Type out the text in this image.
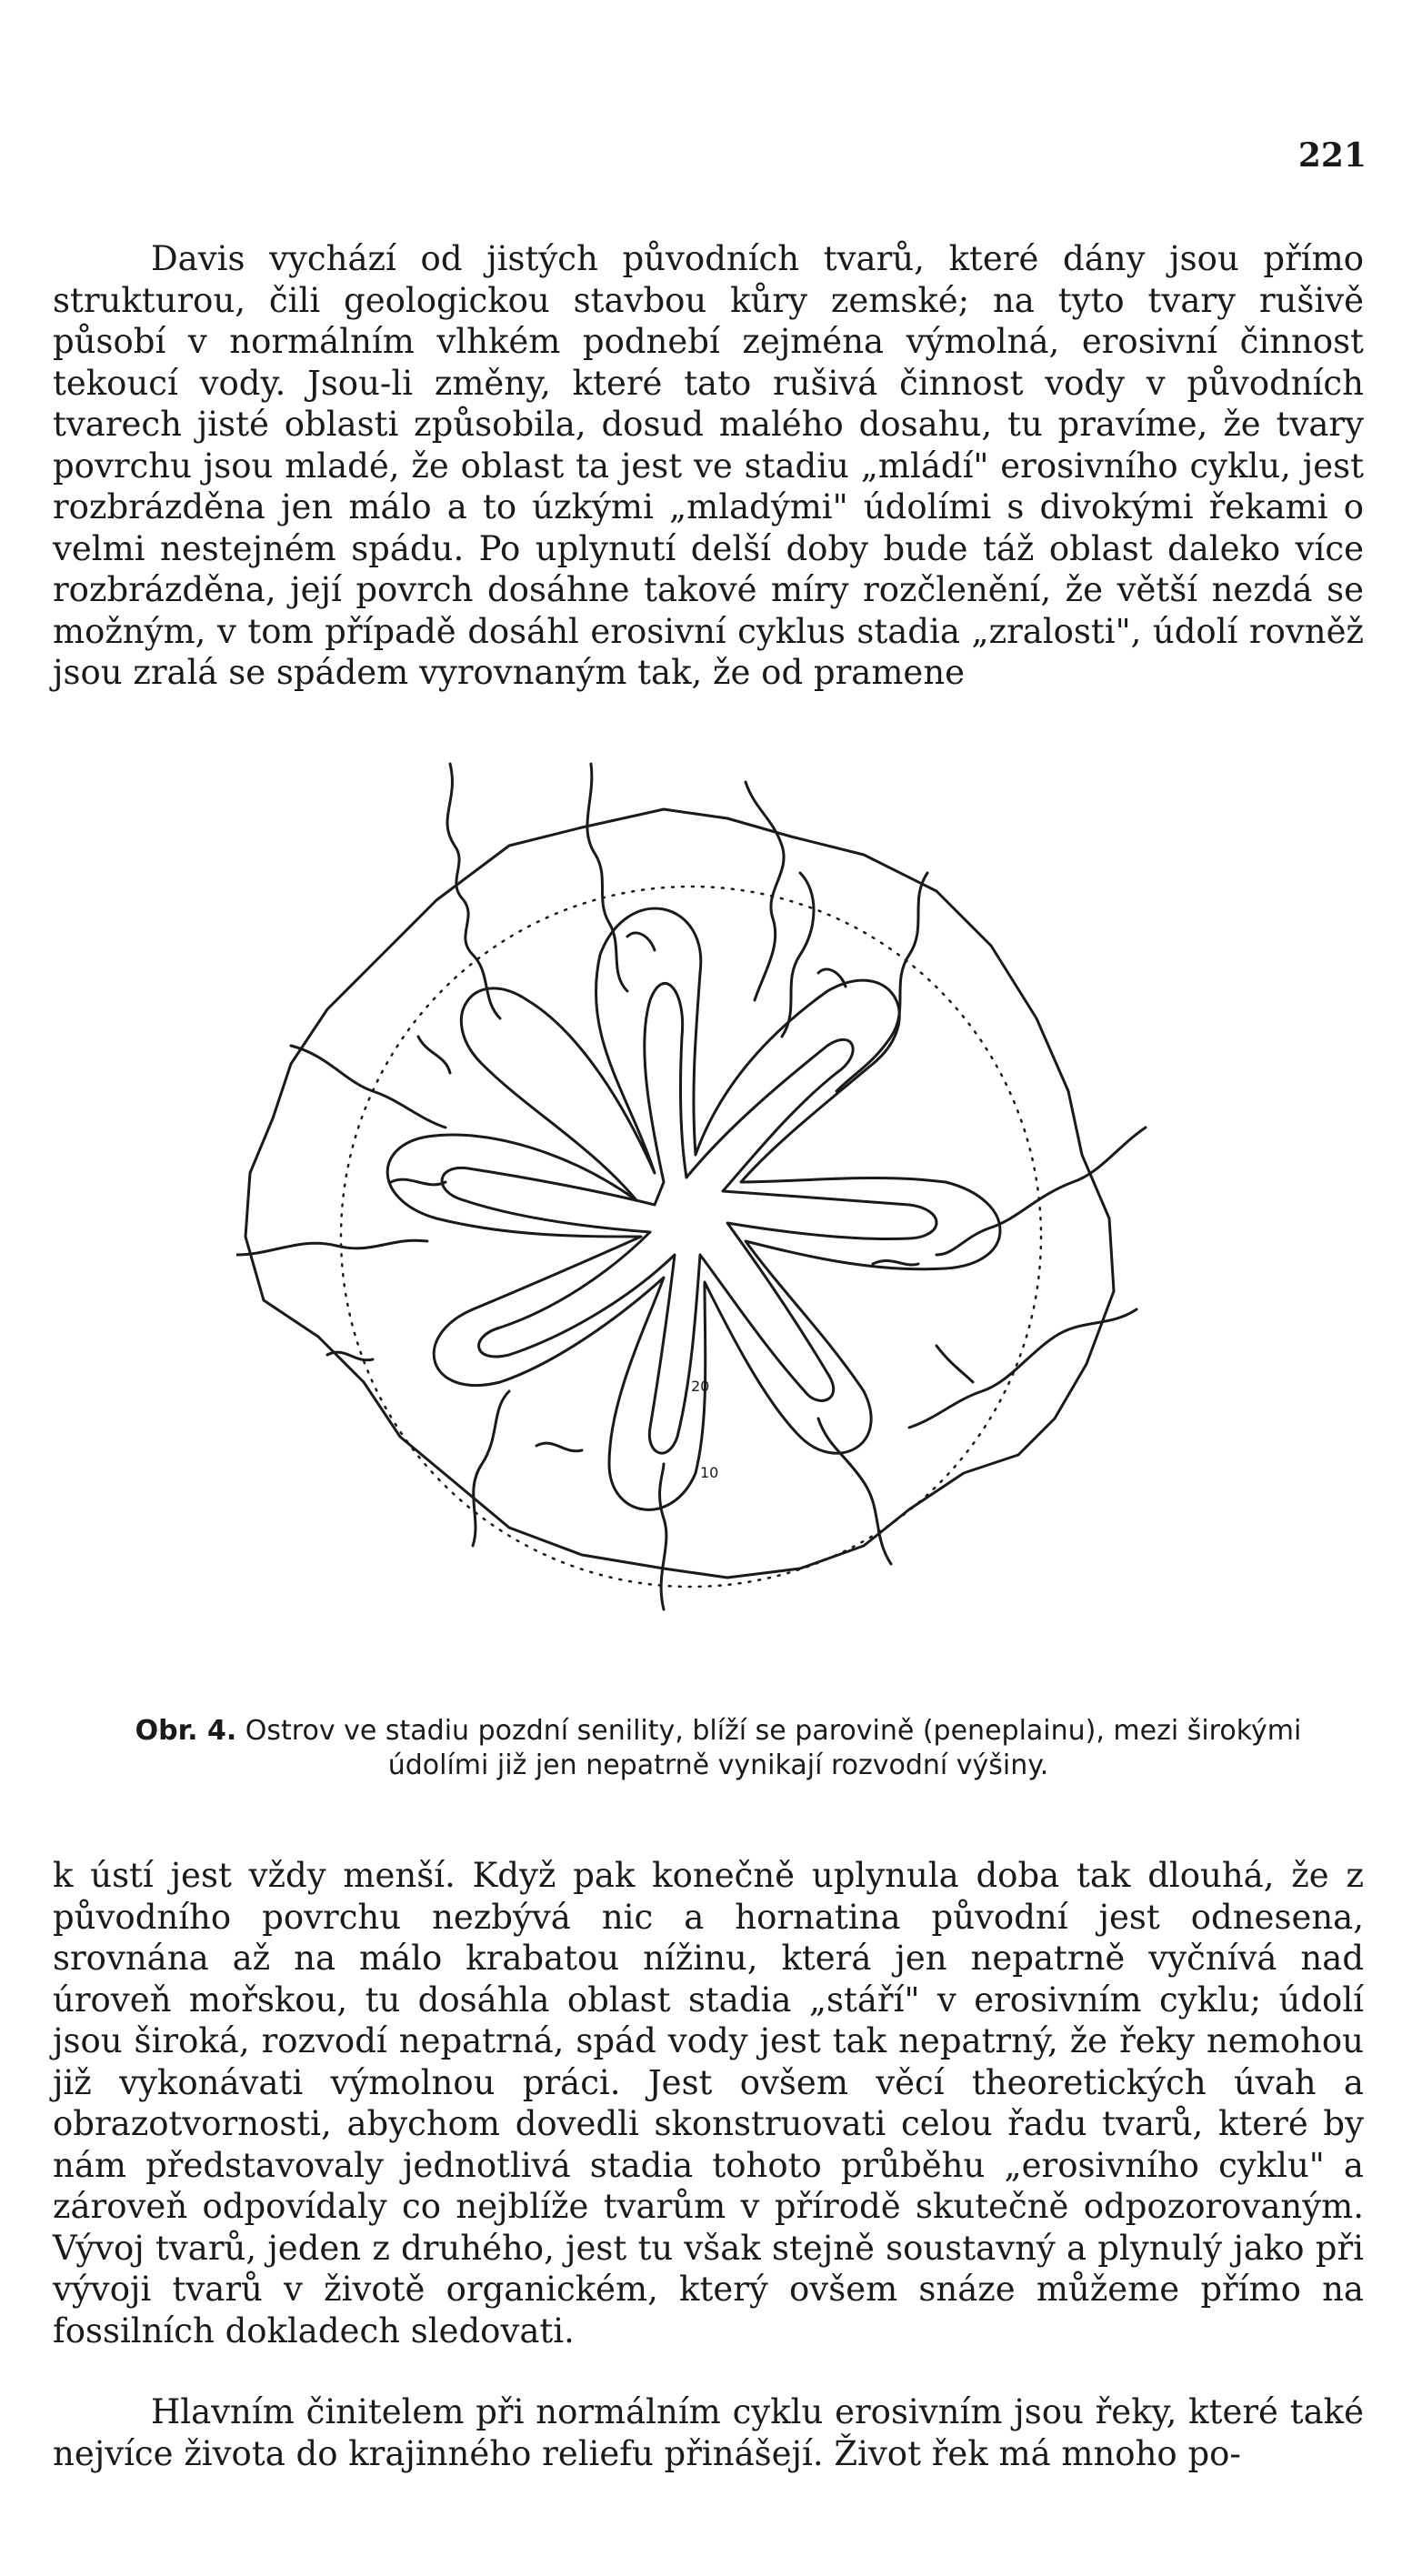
221

Davis vychází od jistých původních tvarů, které dány jsou přímo strukturou, čili geologickou stavbou kůry zemské; na tyto tvary rušivě působí v normálním vlhkém podnebí zejména výmolná, erosivní činnost tekoucí vody. Jsou-li změny, které tato rušivá činnost vody v původních tvarech jisté oblasti způsobila, dosud malého dosahu, tu pravíme, že tvary povrchu jsou mladé, že oblast ta jest ve stadiu „mládí" erosivního cyklu, jest rozbrázděna jen málo a to úzkými „mladými" údolími s divokými řekami o velmi nestejném spádu. Po uplynutí delší doby bude táž oblast daleko více rozbrázděna, její povrch dosáhne takové míry rozčlenění, že větší nezdá se možným, v tom případě dosáhl erosivní cyklus stadia „zralosti", údolí rovněž jsou zralá se spádem vyrovnaným tak, že od pramene

20
10
Obr. 4. Ostrov ve stadiu pozdní senility, blíží se parovině (peneplainu), mezi širokými údolími již jen nepatrně vynikají rozvodní výšiny.

k ústí jest vždy menší. Když pak konečně uplynula doba tak dlouhá, že z původního povrchu nezbývá nic a hornatina původní jest odnesena, srovnána až na málo krabatou nížinu, která jen nepatrně vyčnívá nad úroveň mořskou, tu dosáhla oblast stadia „stáří" v erosivním cyklu; údolí jsou široká, rozvodí nepatrná, spád vody jest tak nepatrný, že řeky nemohou již vykonávati výmolnou práci. Jest ovšem věcí theoretických úvah a obrazotvornosti, abychom dovedli skonstruovati celou řadu tvarů, které by nám představovaly jednotlivá stadia tohoto průběhu „erosivního cyklu" a zároveň odpovídaly co nejblíže tvarům v přírodě skutečně odpozorovaným. Vývoj tvarů, jeden z druhého, jest tu však stejně soustavný a plynulý jako při vývoji tvarů v životě organickém, který ovšem snáze můžeme přímo na fossilních dokladech sledovati.

Hlavním činitelem při normálním cyklu erosivním jsou řeky, které také nejvíce života do krajinného reliefu přinášejí. Život řek má mnoho po-
